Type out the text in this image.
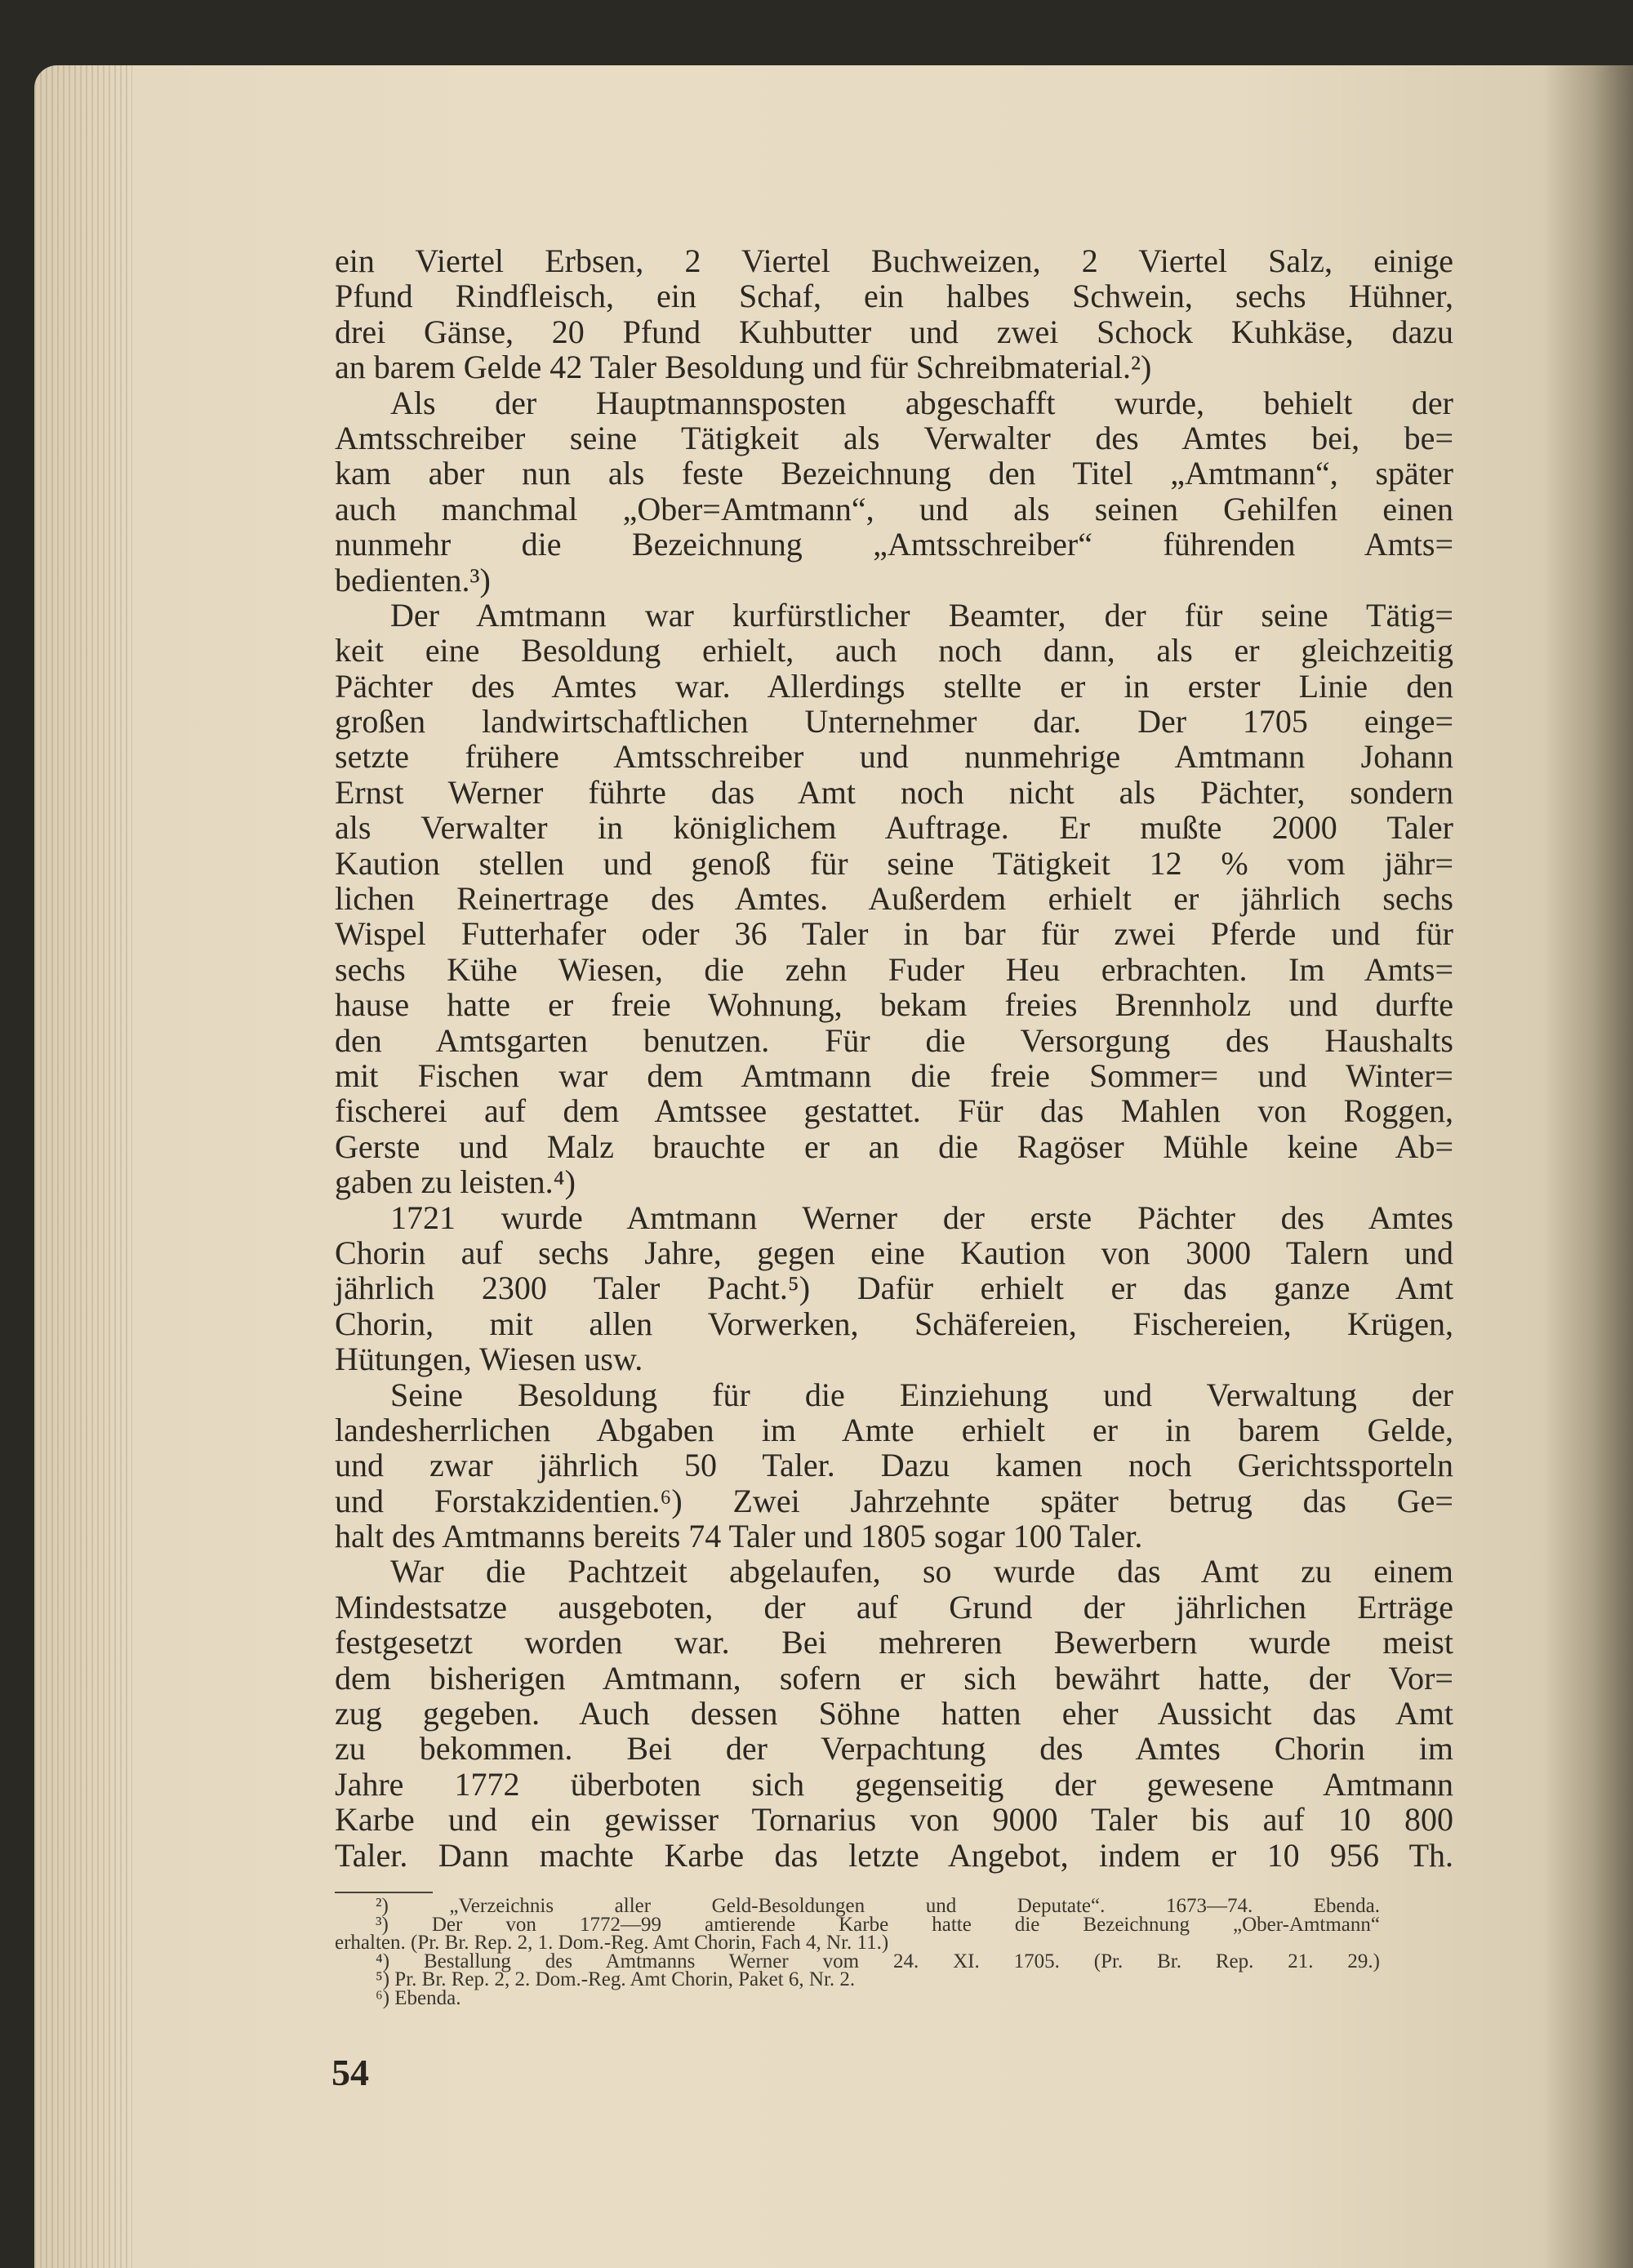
ein Viertel Erbsen, 2 Viertel Buchweizen, 2 Viertel Salz, einige
Pfund Rindfleisch, ein Schaf, ein halbes Schwein, sechs Hühner,
drei Gänse, 20 Pfund Kuhbutter und zwei Schock Kuhkäse, dazu
an barem Gelde 42 Taler Besoldung und für Schreibmaterial.²)
Als der Hauptmannsposten abgeschafft wurde, behielt der
Amtsschreiber seine Tätigkeit als Verwalter des Amtes bei, be=
kam aber nun als feste Bezeichnung den Titel „Amtmann“, später
auch manchmal „Ober=Amtmann“, und als seinen Gehilfen einen
nunmehr die Bezeichnung „Amtsschreiber“ führenden Amts=
bedienten.³)
Der Amtmann war kurfürstlicher Beamter, der für seine Tätig=
keit eine Besoldung erhielt, auch noch dann, als er gleichzeitig
Pächter des Amtes war. Allerdings stellte er in erster Linie den
großen landwirtschaftlichen Unternehmer dar. Der 1705 einge=
setzte frühere Amtsschreiber und nunmehrige Amtmann Johann
Ernst Werner führte das Amt noch nicht als Pächter, sondern
als Verwalter in königlichem Auftrage. Er mußte 2000 Taler
Kaution stellen und genoß für seine Tätigkeit 12 % vom jähr=
lichen Reinertrage des Amtes. Außerdem erhielt er jährlich sechs
Wispel Futterhafer oder 36 Taler in bar für zwei Pferde und für
sechs Kühe Wiesen, die zehn Fuder Heu erbrachten. Im Amts=
hause hatte er freie Wohnung, bekam freies Brennholz und durfte
den Amtsgarten benutzen. Für die Versorgung des Haushalts
mit Fischen war dem Amtmann die freie Sommer= und Winter=
fischerei auf dem Amtssee gestattet. Für das Mahlen von Roggen,
Gerste und Malz brauchte er an die Ragöser Mühle keine Ab=
gaben zu leisten.⁴)
1721 wurde Amtmann Werner der erste Pächter des Amtes
Chorin auf sechs Jahre, gegen eine Kaution von 3000 Talern und
jährlich 2300 Taler Pacht.⁵) Dafür erhielt er das ganze Amt
Chorin, mit allen Vorwerken, Schäfereien, Fischereien, Krügen,
Hütungen, Wiesen usw.
Seine Besoldung für die Einziehung und Verwaltung der
landesherrlichen Abgaben im Amte erhielt er in barem Gelde,
und zwar jährlich 50 Taler. Dazu kamen noch Gerichtssporteln
und Forstakzidentien.⁶) Zwei Jahrzehnte später betrug das Ge=
halt des Amtmanns bereits 74 Taler und 1805 sogar 100 Taler.
War die Pachtzeit abgelaufen, so wurde das Amt zu einem
Mindestsatze ausgeboten, der auf Grund der jährlichen Erträge
festgesetzt worden war. Bei mehreren Bewerbern wurde meist
dem bisherigen Amtmann, sofern er sich bewährt hatte, der Vor=
zug gegeben. Auch dessen Söhne hatten eher Aussicht das Amt
zu bekommen. Bei der Verpachtung des Amtes Chorin im
Jahre 1772 überboten sich gegenseitig der gewesene Amtmann
Karbe und ein gewisser Tornarius von 9000 Taler bis auf 10 800
Taler. Dann machte Karbe das letzte Angebot, indem er 10 956 Th.
²) „Verzeichnis aller Geld-Besoldungen und Deputate“. 1673—74. Ebenda.
³) Der von 1772—99 amtierende Karbe hatte die Bezeichnung „Ober-Amtmann“
erhalten. (Pr. Br. Rep. 2, 1. Dom.-Reg. Amt Chorin, Fach 4, Nr. 11.)
⁴) Bestallung des Amtmanns Werner vom 24. XI. 1705. (Pr. Br. Rep. 21. 29.)
⁵) Pr. Br. Rep. 2, 2. Dom.-Reg. Amt Chorin, Paket 6, Nr. 2.
⁶) Ebenda.
54
